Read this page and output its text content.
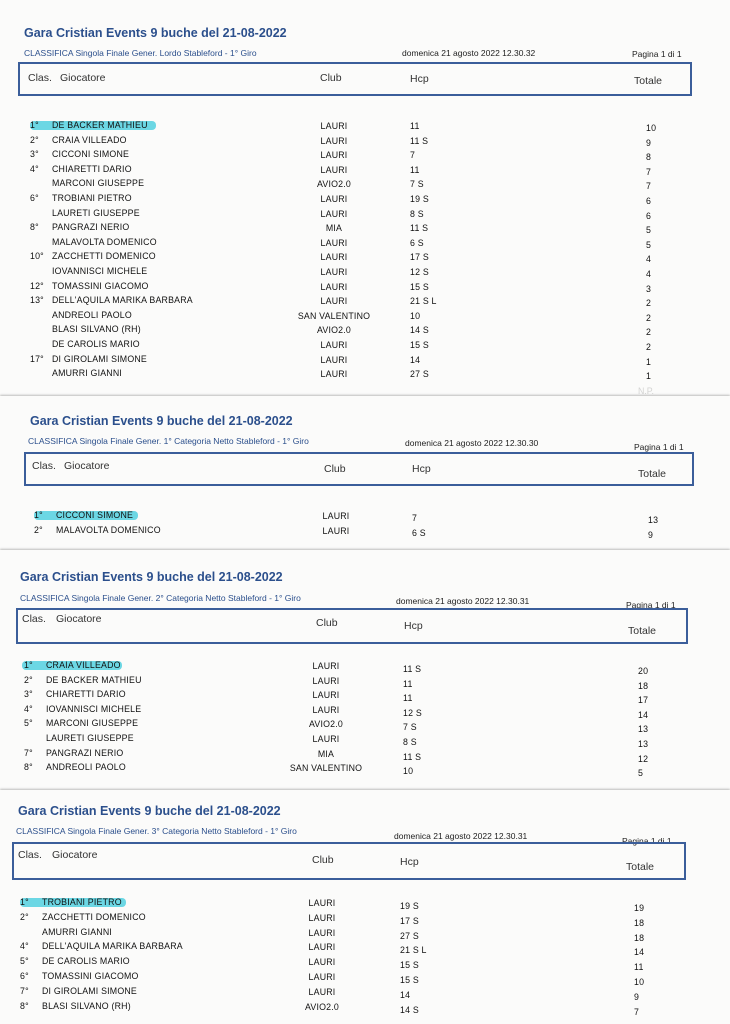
Gara Cristian Events 9 buche del 21-08-2022
CLASSIFICA Singola Finale Gener. Lordo Stableford - 1° Giro	domenica 21 agosto 2022 12.30.32	Pagina 1 di 1
Clas. Giocatore	Club	Hcp	Totale
1° DE BACKER MATHIEU	LAURI	11	10
2° CRAIA VILLEADO	LAURI	11 S	9
3° CICCONI SIMONE	LAURI	7	8
4° CHIARETTI DARIO	LAURI	11	7
MARCONI GIUSEPPE	AVIO2.0	7 S	7
6° TROBIANI PIETRO	LAURI	19 S	6
LAURETI GIUSEPPE	LAURI	8 S	6
8° PANGRAZI NERIO	MIA	11 S	5
MALAVOLTA DOMENICO	LAURI	6 S	5
10° ZACCHETTI DOMENICO	LAURI	17 S	4
IOVANNISCI MICHELE	LAURI	12 S	4
12° TOMASSINI GIACOMO	LAURI	15 S	3
13° DELL'AQUILA MARIKA BARBARA	LAURI	21 S L	2
ANDREOLI PAOLO	SAN VALENTINO	10	2
BLASI SILVANO (RH)	AVIO2.0	14 S	2
DE CAROLIS MARIO	LAURI	15 S	2
17° DI GIROLAMI SIMONE	LAURI	14	1
AMURRI GIANNI	LAURI	27 S	1
N.P.
Gara Cristian Events 9 buche del 21-08-2022
CLASSIFICA Singola Finale Gener. 1° Categoria Netto Stableford - 1° Giro	domenica 21 agosto 2022 12.30.30	Pagina 1 di 1
Clas. Giocatore	Club	Hcp	Totale
1° CICCONI SIMONE	LAURI	7	13
2° MALAVOLTA DOMENICO	LAURI	6 S	9
Gara Cristian Events 9 buche del 21-08-2022
CLASSIFICA Singola Finale Gener. 2° Categoria Netto Stableford - 1° Giro	domenica 21 agosto 2022 12.30.31	Pagina 1 di 1
Clas. Giocatore	Club	Hcp	Totale
1° CRAIA VILLEADO	LAURI	11 S	20
2° DE BACKER MATHIEU	LAURI	11	18
3° CHIARETTI DARIO	LAURI	11	17
4° IOVANNISCI MICHELE	LAURI	12 S	14
5° MARCONI GIUSEPPE	AVIO2.0	7 S	13
LAURETI GIUSEPPE	LAURI	8 S	13
7° PANGRAZI NERIO	MIA	11 S	12
8° ANDREOLI PAOLO	SAN VALENTINO	10	5
Gara Cristian Events 9 buche del 21-08-2022
CLASSIFICA Singola Finale Gener. 3° Categoria Netto Stableford - 1° Giro	domenica 21 agosto 2022 12.30.31	Pagina 1 di 1
Clas. Giocatore	Club	Hcp	Totale
1° TROBIANI PIETRO	LAURI	19 S	19
2° ZACCHETTI DOMENICO	LAURI	17 S	18
AMURRI GIANNI	LAURI	27 S	18
4° DELL'AQUILA MARIKA BARBARA	LAURI	21 S L	14
5° DE CAROLIS MARIO	LAURI	15 S	11
6° TOMASSINI GIACOMO	LAURI	15 S	10
7° DI GIROLAMI SIMONE	LAURI	14	9
8° BLASI SILVANO (RH)	AVIO2.0	14 S	7
